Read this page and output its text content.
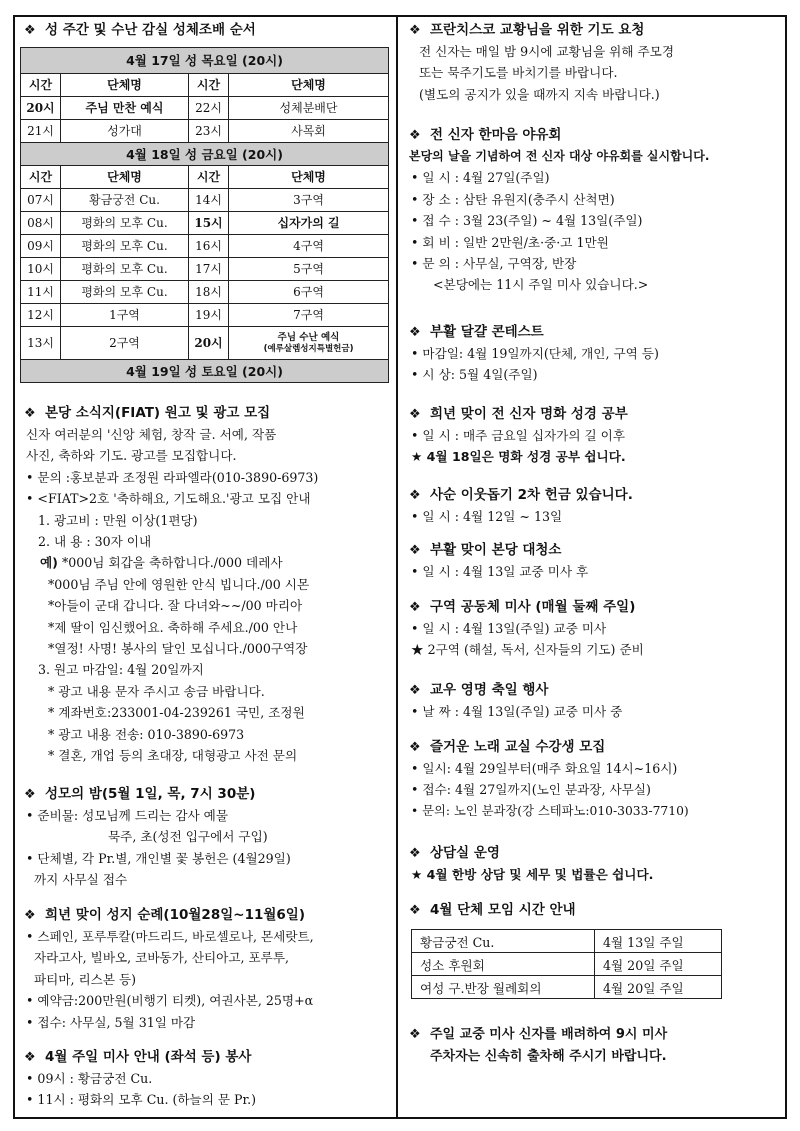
❖ 성 주간 및 수난 감실 성체조배 순서
4월 17일 성 목요일 (20시)			
시간	단체명	시간	단체명
20시	주님 만찬 예식	22시	성체분배단
21시	성가대	23시	사목회
4월 18일 성 금요일 (20시)			
시간	단체명	시간	단체명
07시	황금궁전 Cu.	14시	3구역
08시	평화의 모후 Cu.	15시	십자가의 길
09시	평화의 모후 Cu.	16시	4구역
10시	평화의 모후 Cu.	17시	5구역
11시	평화의 모후 Cu.	18시	6구역
12시	1구역	19시	7구역
13시	2구역	20시	주님 수난 예식
(예루살렘성지특별헌금)

4월 19일 성 토요일 (20시)			
❖ 본당 소식지(FIAT) 원고 및 광고 모집
신자 여러분의 '신앙 체험, 창작 글. 서예, 작품
사진, 축하와 기도. 광고를 모집합니다.
• 문의 :홍보분과 조정원 라파엘라(010-3890-6973)
• <FIAT>2호 '축하해요, 기도해요.'광고 모집 안내
1. 광고비 : 만원 이상(1편당)
2. 내 용 : 30자 이내
예) *000님 회갑을 축하합니다./000 데레사
*000님 주님 안에 영원한 안식 빕니다./00 시몬
*아들이 군대 갑니다. 잘 다녀와~~/00 마리아
*제 딸이 임신했어요. 축하해 주세요./00 안나
*열정! 사명! 봉사의 달인 모십니다./000구역장
3. 원고 마감일: 4월 20일까지
* 광고 내용 문자 주시고 송금 바랍니다.
* 계좌번호:233001-04-239261 국민, 조정원
* 광고 내용 전송: 010-3890-6973
* 결혼, 개업 등의 초대장, 대형광고 사전 문의
❖ 성모의 밤(5월 1일, 목, 7시 30분)
• 준비물: 성모님께 드리는 감사 예물
묵주, 초(성전 입구에서 구입)
• 단체별, 각 Pr.별, 개인별 꽃 봉헌은 (4월29일)
까지 사무실 접수
❖ 희년 맞이 성지 순례(10월28일~11월6일)
• 스페인, 포루투칼(마드리드, 바로셀로나, 몬세랏트,
자라고사, 빌바오, 코바동가, 산티아고, 포루투,
파티마, 리스본 등)
• 예약금:200만원(비행기 티켓), 여권사본, 25명+α
• 접수: 사무실, 5월 31일 마감
❖ 4월 주일 미사 안내 (좌석 등) 봉사
• 09시 : 황금궁전 Cu.
• 11시 : 평화의 모후 Cu. (하늘의 문 Pr.)
❖ 프란치스코 교황님을 위한 기도 요청
전 신자는 매일 밤 9시에 교황님을 위해 주모경
또는 묵주기도를 바치기를 바랍니다.
(별도의 공지가 있을 때까지 지속 바랍니다.)
❖ 전 신자 한마음 야유회
본당의 날을 기념하여 전 신자 대상 야유회를 실시합니다.
• 일 시 : 4월 27일(주일)
• 장 소 : 삼탄 유원지(충주시 산척면)
• 접 수 : 3월 23(주일) ~ 4월 13일(주일)
• 회 비 : 일반 2만원/초·중·고 1만원
• 문 의 : 사무실, 구역장, 반장
<본당에는 11시 주일 미사 있습니다.>
❖ 부활 달걀 콘테스트
• 마감일: 4월 19일까지(단체, 개인, 구역 등)
• 시 상: 5월 4일(주일)
❖ 희년 맞이 전 신자 명화 성경 공부
• 일 시 : 매주 금요일 십자가의 길 이후
★ 4월 18일은 명화 성경 공부 쉽니다.
❖ 사순 이웃돕기 2차 헌금 있습니다.
• 일 시 : 4월 12일 ~ 13일
❖ 부활 맞이 본당 대청소
• 일 시 : 4월 13일 교중 미사 후
❖ 구역 공동체 미사 (매월 둘째 주일)
• 일 시 : 4월 13일(주일) 교중 미사
★ 2구역 (해설, 독서, 신자들의 기도) 준비
❖ 교우 영명 축일 행사
• 날 짜 : 4월 13일(주일) 교중 미사 중
❖ 즐거운 노래 교실 수강생 모집
• 일시: 4월 29일부터(매주 화요일 14시~16시)
• 접수: 4월 27일까지(노인 분과장, 사무실)
• 문의: 노인 분과장(강 스테파노:010-3033-7710)
❖ 상담실 운영
★ 4월 한방 상담 및 세무 및 법률은 쉽니다.
❖ 4월 단체 모임 시간 안내
황금궁전 Cu.	4월 13일 주일
성소 후원회	4월 20일 주일
여성 구.반장 월례회의	4월 20일 주일
❖ 주일 교중 미사 신자를 배려하여 9시 미사
주차자는 신속히 출차해 주시기 바랍니다.
